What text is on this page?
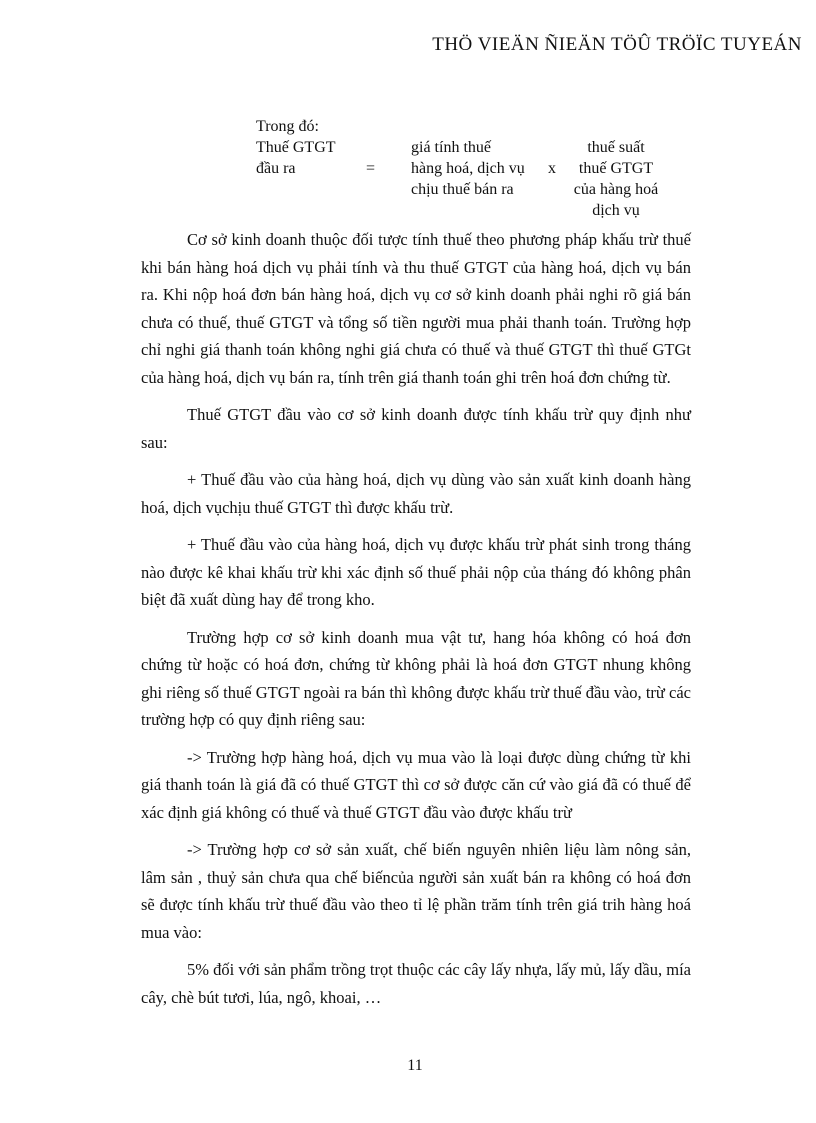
THÖ VIEÄN ÑIEÄN TÖÛ TRÖÏC TUYEÁN
Trong đó:
Thuế GTGT
đầu ra	=
giá tính thuế
hàng hoá, dịch vụ
chịu thuế bán ra
x
thuế suất
thuế GTGT
của hàng hoá
dịch vụ

Cơ sở kinh doanh thuộc đối tược tính thuế theo phương pháp khấu trừ thuế khi bán hàng hoá dịch vụ phải tính và thu thuế GTGT của hàng hoá, dịch vụ bán ra. Khi nộp hoá đơn bán hàng hoá, dịch vụ cơ sở kinh doanh phải nghi rõ giá bán chưa có thuế, thuế GTGT và tổng số tiền người mua phải thanh toán. Trường hợp chỉ nghi giá thanh toán không nghi giá chưa có thuế và thuế GTGT thì thuế GTGt của hàng hoá, dịch vụ bán ra, tính trên giá thanh toán ghi trên hoá đơn chứng từ.

Thuế GTGT đầu vào cơ sở kinh doanh được tính khấu trừ quy định như sau:

+ Thuế đầu vào của hàng hoá, dịch vụ dùng vào sản xuất kinh doanh hàng hoá, dịch vụchịu thuế GTGT thì được khấu trừ.

+ Thuế đầu vào của hàng hoá, dịch vụ được khấu trừ phát sinh trong tháng nào được kê khai khấu trừ khi xác định số thuế phải nộp của tháng đó không phân biệt đã xuất dùng hay để trong kho.

Trường hợp cơ sở kinh doanh mua vật tư, hang hóa không có hoá đơn chứng từ hoặc có hoá đơn, chứng từ không phải là hoá đơn GTGT nhung không ghi riêng số thuế GTGT ngoài ra bán thì không được khấu trừ thuế đầu vào, trừ các trường hợp có quy định riêng sau:

-> Trường hợp hàng hoá, dịch vụ mua vào là loại được dùng chứng từ khi giá thanh toán là giá đã có thuế GTGT thì cơ sở được căn cứ vào giá đã có thuế để xác định giá không có thuế và thuế GTGT đầu vào được khấu trừ

-> Trường hợp cơ sở sản xuất, chế biến nguyên nhiên liệu làm nông sản, lâm sản , thuỷ sản chưa qua chế biếncủa người sản xuất bán ra không có hoá đơn sẽ được tính khấu trừ thuế đầu vào theo tỉ lệ phần trăm tính trên giá trih hàng hoá mua vào:

5% đối với sản phẩm trồng trọt thuộc các cây lấy nhựa, lấy mủ, lấy dầu, mía cây, chè bút tươi, lúa, ngô, khoai, …

11
